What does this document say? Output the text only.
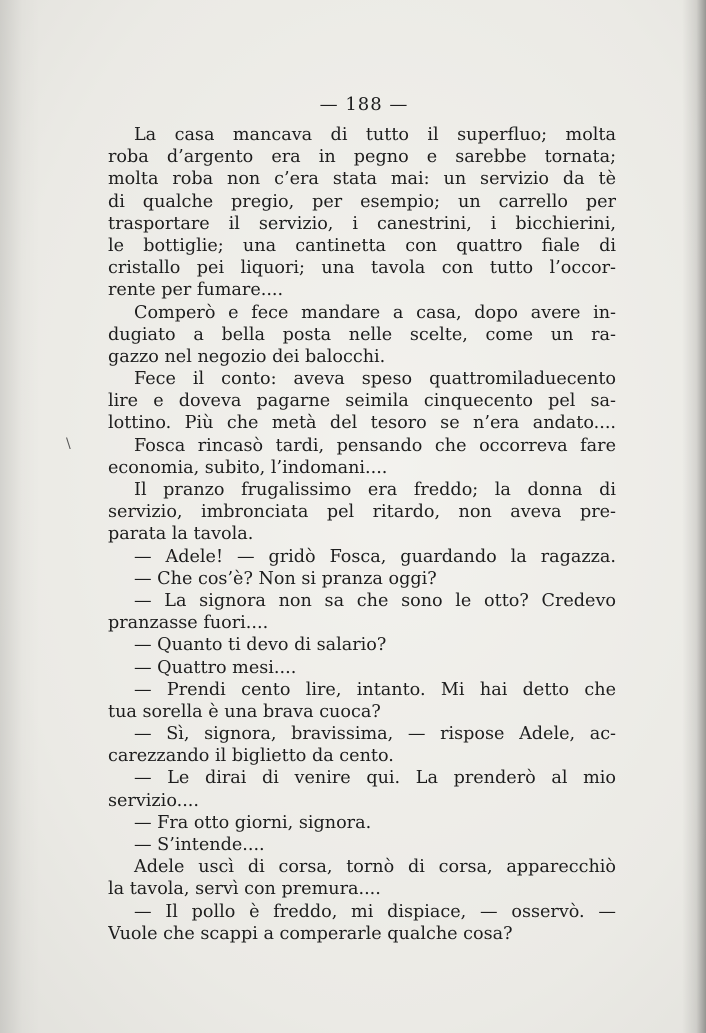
— 188 —
La casa mancava di tutto il superfluo; molta
roba d’argento era in pegno e sarebbe tornata;
molta roba non c’era stata mai: un servizio da tè
di qualche pregio, per esempio; un carrello per
trasportare il servizio, i canestrini, i bicchierini,
le bottiglie; una cantinetta con quattro fiale di
cristallo pei liquori; una tavola con tutto l’occor-
rente per fumare....
Comperò e fece mandare a casa, dopo avere in-
dugiato a bella posta nelle scelte, come un ra-
gazzo nel negozio dei balocchi.
Fece il conto: aveva speso quattromiladuecento
lire e doveva pagarne seimila cinquecento pel sa-
lottino. Più che metà del tesoro se n’era andato....
Fosca rincasò tardi, pensando che occorreva fare
economia, subito, l’indomani....
Il pranzo frugalissimo era freddo; la donna di
servizio, imbronciata pel ritardo, non aveva pre-
parata la tavola.
— Adele! — gridò Fosca, guardando la ragazza.
— Che cos’è? Non si pranza oggi?
— La signora non sa che sono le otto? Credevo
pranzasse fuori....
— Quanto ti devo di salario?
— Quattro mesi....
— Prendi cento lire, intanto. Mi hai detto che
tua sorella è una brava cuoca?
— Sì, signora, bravissima, — rispose Adele, ac-
carezzando il biglietto da cento.
— Le dirai di venire qui. La prenderò al mio
servizio....
— Fra otto giorni, signora.
— S’intende....
Adele uscì di corsa, tornò di corsa, apparecchiò
la tavola, servì con premura....
— Il pollo è freddo, mi dispiace, — osservò. —
Vuole che scappi a comperarle qualche cosa?
\
